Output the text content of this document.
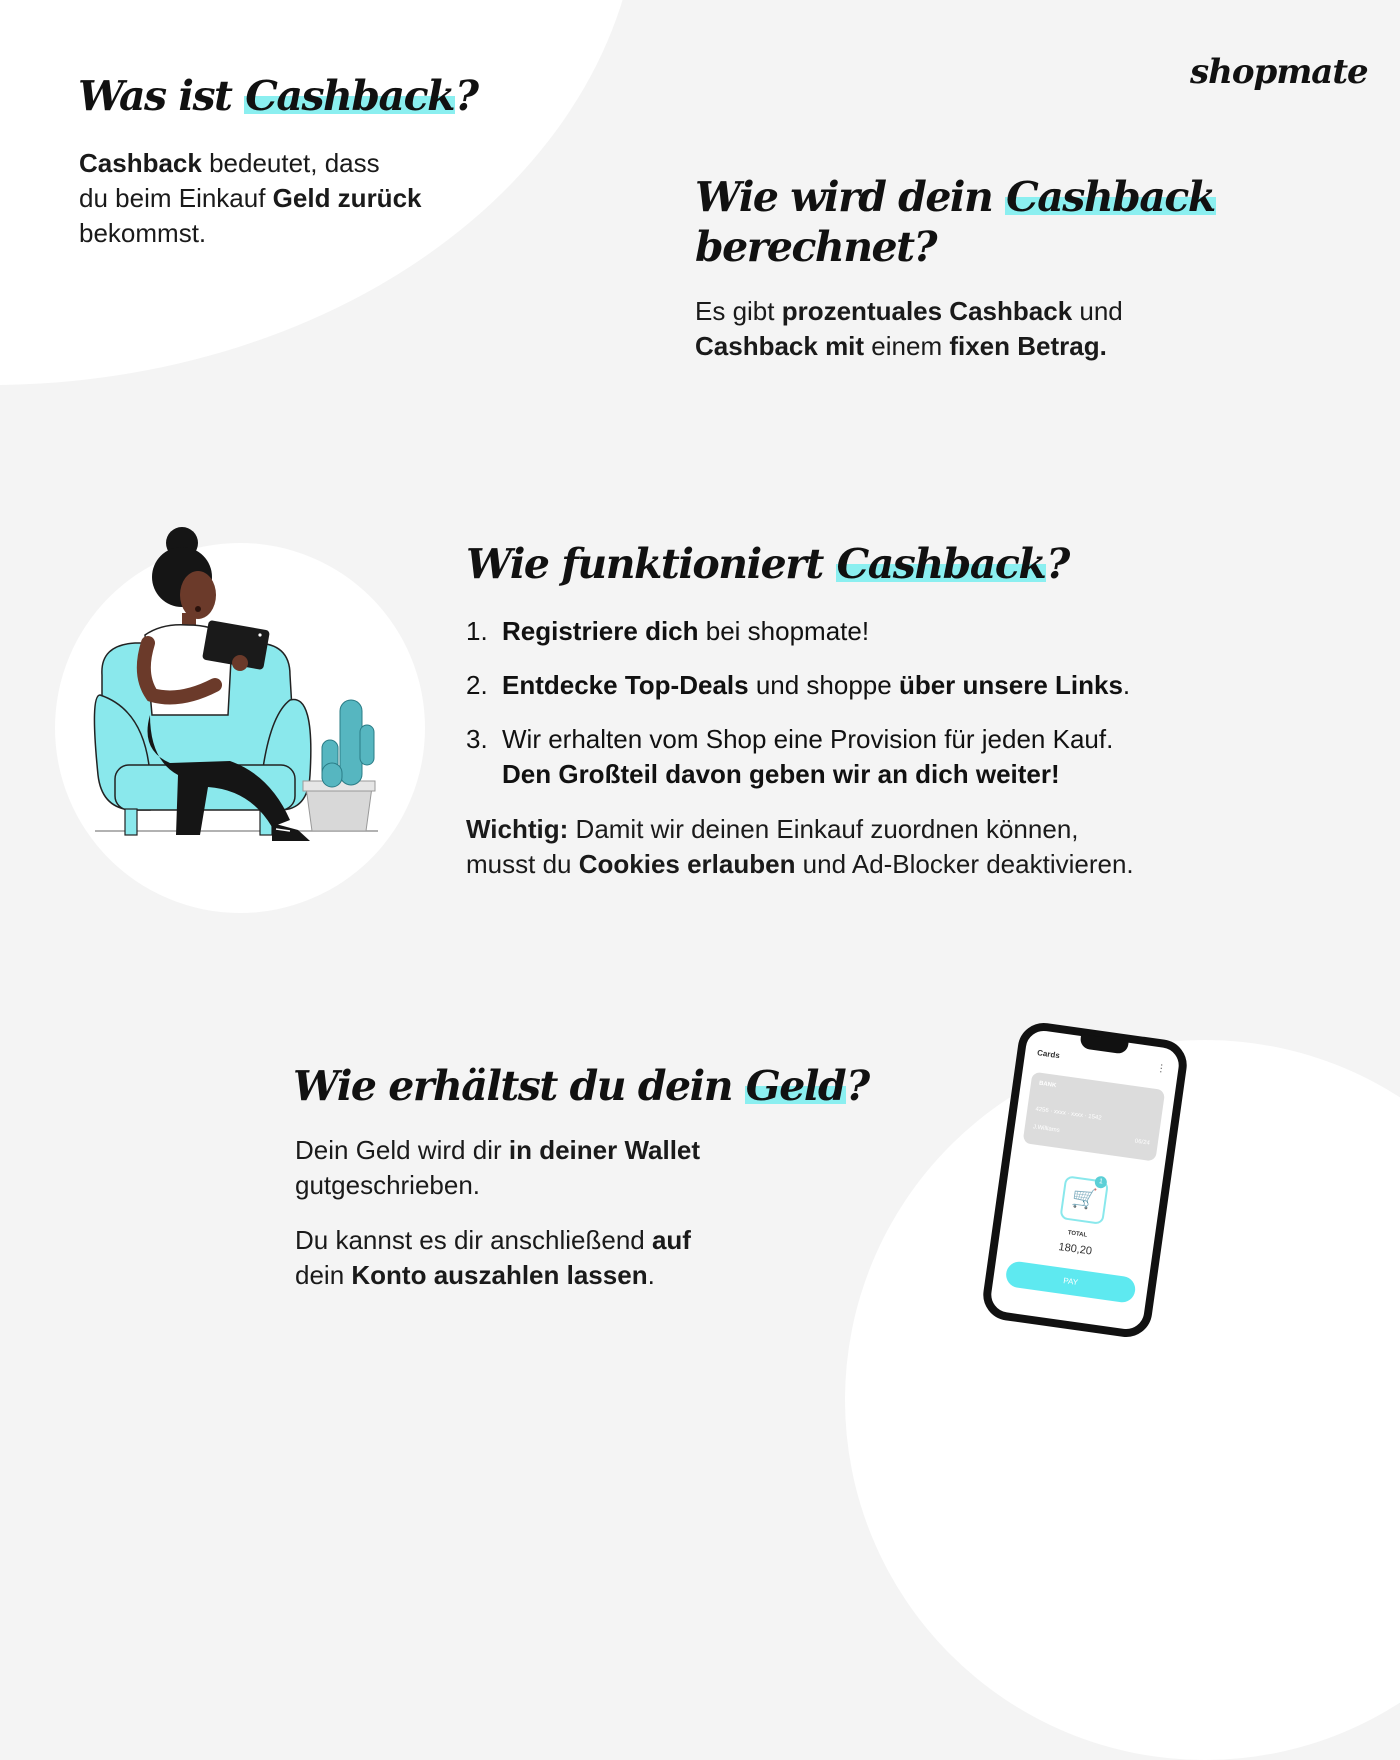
shopmate
Was ist Cashback?

Cashback bedeutet, dass
du beim Einkauf Geld zurück
bekommst.

Wie wird dein Cashback
berechnet?

Es gibt prozentuales Cashback und
Cashback mit einem fixen Betrag.

Wie funktioniert Cashback?
1. Registriere dich bei shopmate!
2. Entdecke Top-Deals und shoppe über unsere Links.
3. Wir erhalten vom Shop eine Provision für jeden Kauf.
Den Großteil davon geben wir an dich weiter!

Wichtig: Damit wir deinen Einkauf zuordnen können,
musst du Cookies erlauben und Ad-Blocker deaktivieren.

Wie erhältst du dein Geld?

Dein Geld wird dir in deiner Wallet
gutgeschrieben.

Du kannst es dir anschließend auf
dein Konto auszahlen lassen.

Cards
⋮
BANK
4256 · xxxx · xxxx · 1542
J.Williams
06/24
🛒
1
TOTAL
180,20
PAY
